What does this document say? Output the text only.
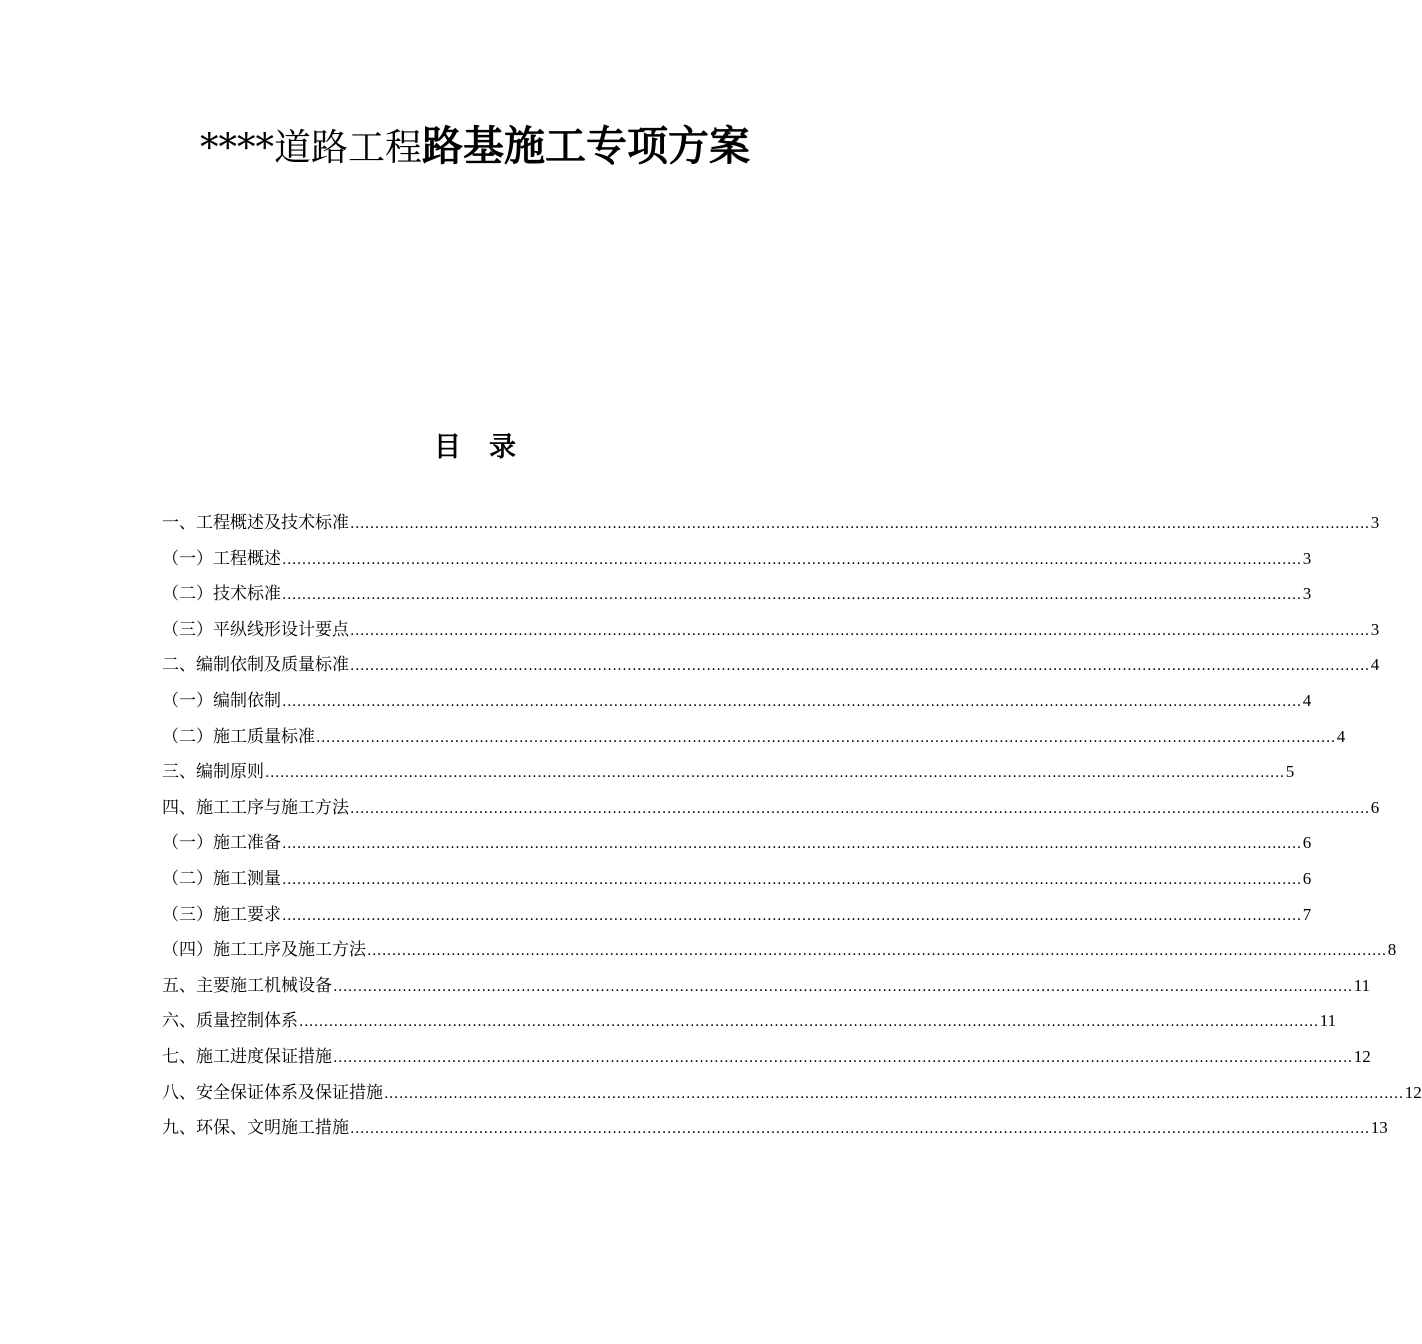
****道路工程路基施工专项方案
目录
一、工程概述及技术标准 .............................................................................................................................................................................................................. 3
（一）工程概述 .............................................................................................................................................................................................................. 3
（二）技术标准 .............................................................................................................................................................................................................. 3
（三）平纵线形设计要点 .............................................................................................................................................................................................................. 3
二、编制依制及质量标准 .............................................................................................................................................................................................................. 4
（一）编制依制 .............................................................................................................................................................................................................. 4
（二）施工质量标准 .............................................................................................................................................................................................................. 4
三、编制原则 .............................................................................................................................................................................................................. 5
四、施工工序与施工方法 .............................................................................................................................................................................................................. 6
（一）施工准备 .............................................................................................................................................................................................................. 6
（二）施工测量 .............................................................................................................................................................................................................. 6
（三）施工要求 .............................................................................................................................................................................................................. 7
（四）施工工序及施工方法 .............................................................................................................................................................................................................. 8
五、主要施工机械设备 .............................................................................................................................................................................................................. 11
六、质量控制体系 .............................................................................................................................................................................................................. 11
七、施工进度保证措施 .............................................................................................................................................................................................................. 12
八、安全保证体系及保证措施 .............................................................................................................................................................................................................. 12
九、环保、文明施工措施 .............................................................................................................................................................................................................. 13
